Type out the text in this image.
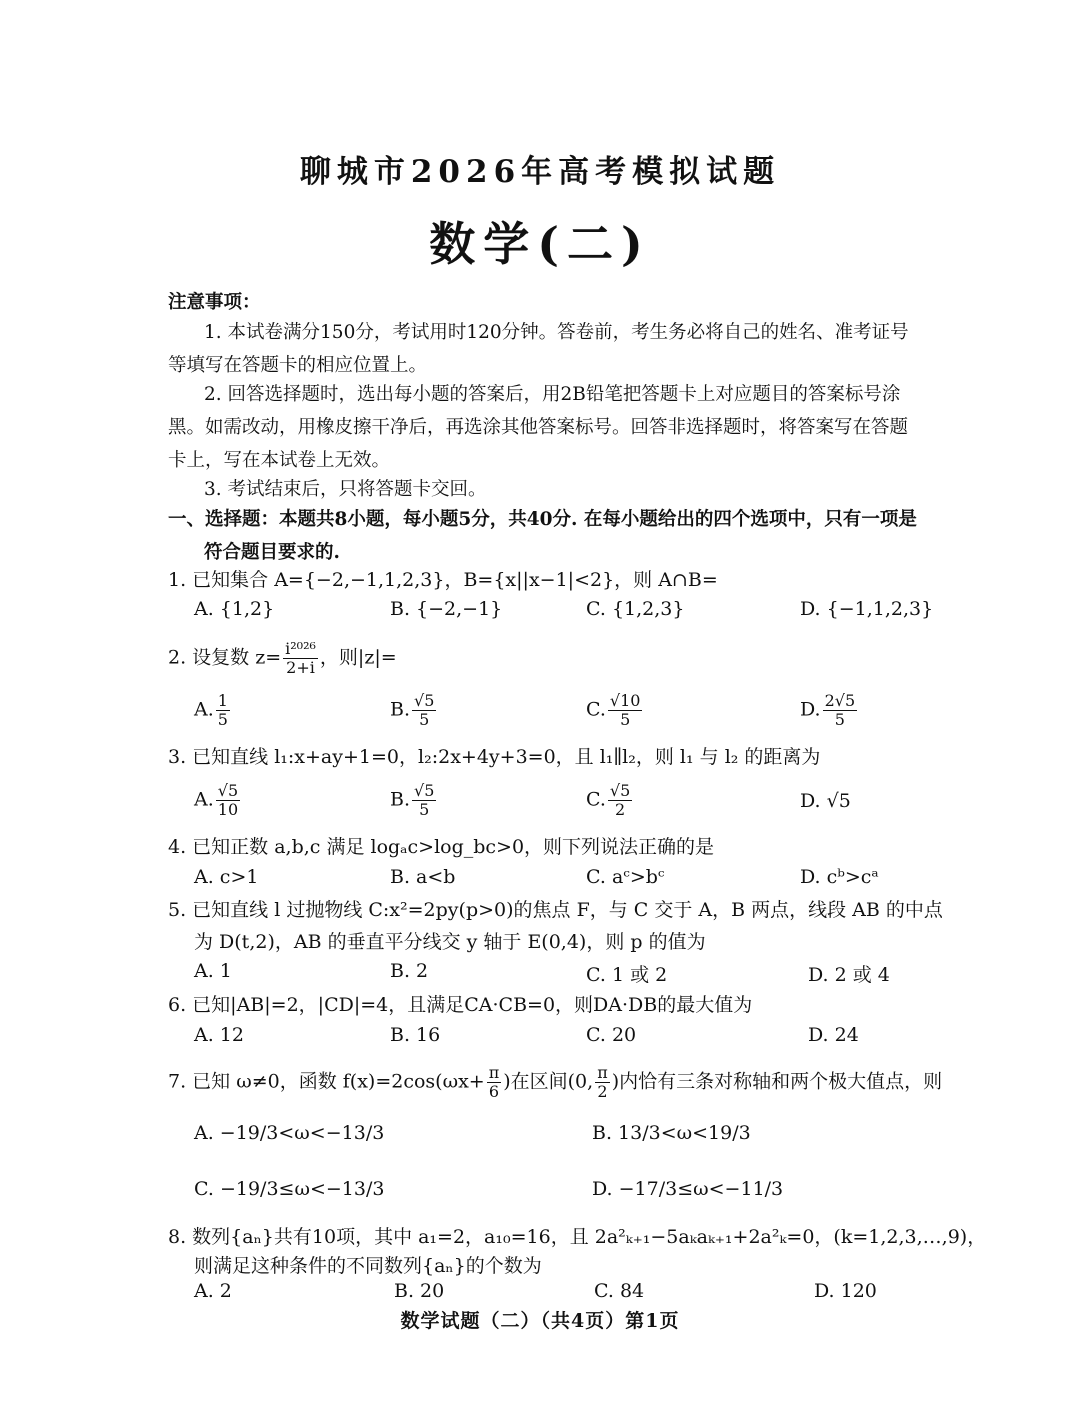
聊城市2026年高考模拟试题
数学(二)
注意事项：
1. 本试卷满分150分，考试用时120分钟。答卷前，考生务必将自己的姓名、准考证号
等填写在答题卡的相应位置上。
2. 回答选择题时，选出每小题的答案后，用2B铅笔把答题卡上对应题目的答案标号涂
黑。如需改动，用橡皮擦干净后，再选涂其他答案标号。回答非选择题时，将答案写在答题
卡上，写在本试卷上无效。
3. 考试结束后，只将答题卡交回。
一、选择题：本题共8小题，每小题5分，共40分. 在每小题给出的四个选项中，只有一项是
符合题目要求的.
1. 已知集合 A={−2,−1,1,2,3}，B={x||x−1|<2}，则 A∩B=
A. {1,2}	B. {−2,−1}	C. {1,2,3}	D. {−1,1,2,3}
2. 设复数 $z= \frac{\text{i²⁰²⁶}}{2+i}$ ，则|z|=
A. $\frac{1}{5}$	B. $\frac{√5}{5}$	C. $\frac{√10}{5}$	D. $\frac{2√5}{5}$
3. 已知直线 l₁:x+ay+1=0，l₂:2x+4y+3=0，且 l₁∥l₂，则 l₁ 与 l₂ 的距离为
A. $\frac{√5}{10}$	B. $\frac{√5}{5}$	C. $\frac{√5}{2}$	D. √5
4. 已知正数 a,b,c 满足 logₐc>log_bc>0，则下列说法正确的是
A. c>1	B. a<b	C. aᶜ>bᶜ	D. cᵇ>cᵃ
5. 已知直线 l 过抛物线 C:x²=2py(p>0)的焦点 F，与 C 交于 A，B 两点，线段 AB 的中点
为 D(t,2)，AB 的垂直平分线交 y 轴于 E(0,4)，则 p 的值为
A. 1	B. 2	C. 1 或 2	D. 2 或 4
6. 已知|AB|=2，|CD|=4，且满足CA·CB=0，则DA·DB的最大值为
A. 12	B. 16	C. 20	D. 24
7. 已知 ω≠0，函数 $f(x)=2\cos(\omega x+ \frac{\pi}{6}$ )在区间(0, $\frac{\pi}{2}$ )内恰有三条对称轴和两个极大值点，则
A. −19/3<ω<−13/3	B. 13/3<ω<19/3
C. −19/3≤ω<−13/3	D. −17/3≤ω<−11/3
8. 数列{aₙ}共有10项，其中 a₁=2，a₁₀=16，且 2a²ₖ₊₁−5aₖaₖ₊₁+2a²ₖ=0，(k=1,2,3,…,9)，
则满足这种条件的不同数列{aₙ}的个数为
A. 2	B. 20	C. 84	D. 120
数学试题（二）（共4页）第1页
